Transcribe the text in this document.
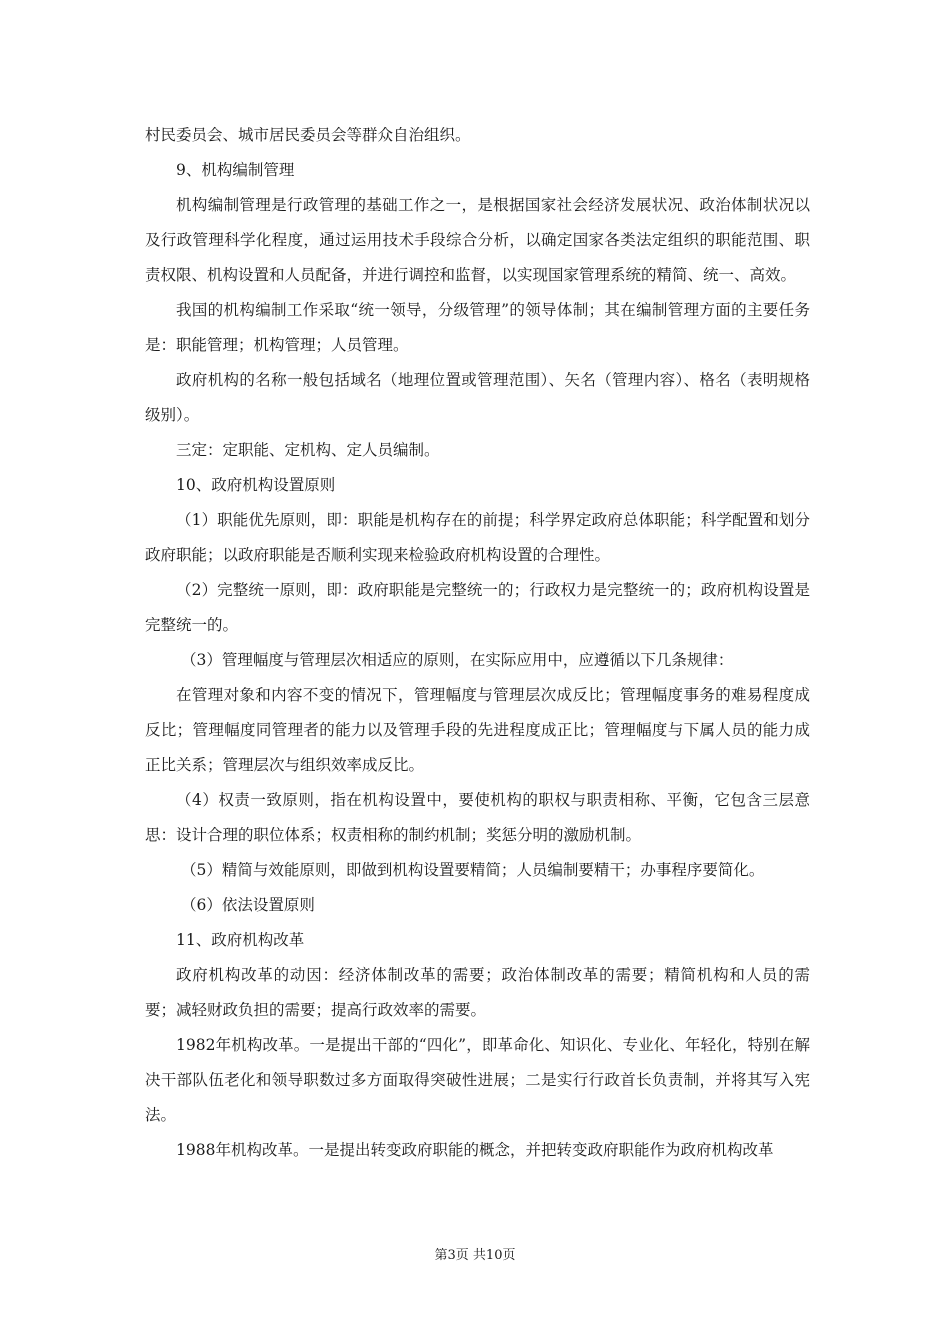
村民委员会、城市居民委员会等群众自治组织。

9、机构编制管理

机构编制管理是行政管理的基础工作之一，是根据国家社会经济发展状况、政治体制状况以及行政管理科学化程度，通过运用技术手段综合分析，以确定国家各类法定组织的职能范围、职责权限、机构设置和人员配备，并进行调控和监督，以实现国家管理系统的精简、统一、高效。

我国的机构编制工作采取“统一领导，分级管理”的领导体制；其在编制管理方面的主要任务是：职能管理；机构管理；人员管理。

政府机构的名称一般包括域名（地理位置或管理范围）、矢名（管理内容）、格名（表明规格级别）。

三定：定职能、定机构、定人员编制。

10、政府机构设置原则

（1）职能优先原则，即：职能是机构存在的前提；科学界定政府总体职能；科学配置和划分政府职能；以政府职能是否顺利实现来检验政府机构设置的合理性。

（2）完整统一原则，即：政府职能是完整统一的；行政权力是完整统一的；政府机构设置是完整统一的。

（3）管理幅度与管理层次相适应的原则，在实际应用中，应遵循以下几条规律：

在管理对象和内容不变的情况下，管理幅度与管理层次成反比；管理幅度事务的难易程度成反比；管理幅度同管理者的能力以及管理手段的先进程度成正比；管理幅度与下属人员的能力成正比关系；管理层次与组织效率成反比。

（4）权责一致原则，指在机构设置中，要使机构的职权与职责相称、平衡，它包含三层意思：设计合理的职位体系；权责相称的制约机制；奖惩分明的激励机制。

（5）精简与效能原则，即做到机构设置要精简；人员编制要精干；办事程序要简化。

（6）依法设置原则

11、政府机构改革

政府机构改革的动因：经济体制改革的需要；政治体制改革的需要；精简机构和人员的需要；减轻财政负担的需要；提高行政效率的需要。

1982年机构改革。一是提出干部的“四化”，即革命化、知识化、专业化、年轻化，特别在解决干部队伍老化和领导职数过多方面取得突破性进展；二是实行行政首长负责制，并将其写入宪法。

1988年机构改革。一是提出转变政府职能的概念，并把转变政府职能作为政府机构改革

第3页 共10页
